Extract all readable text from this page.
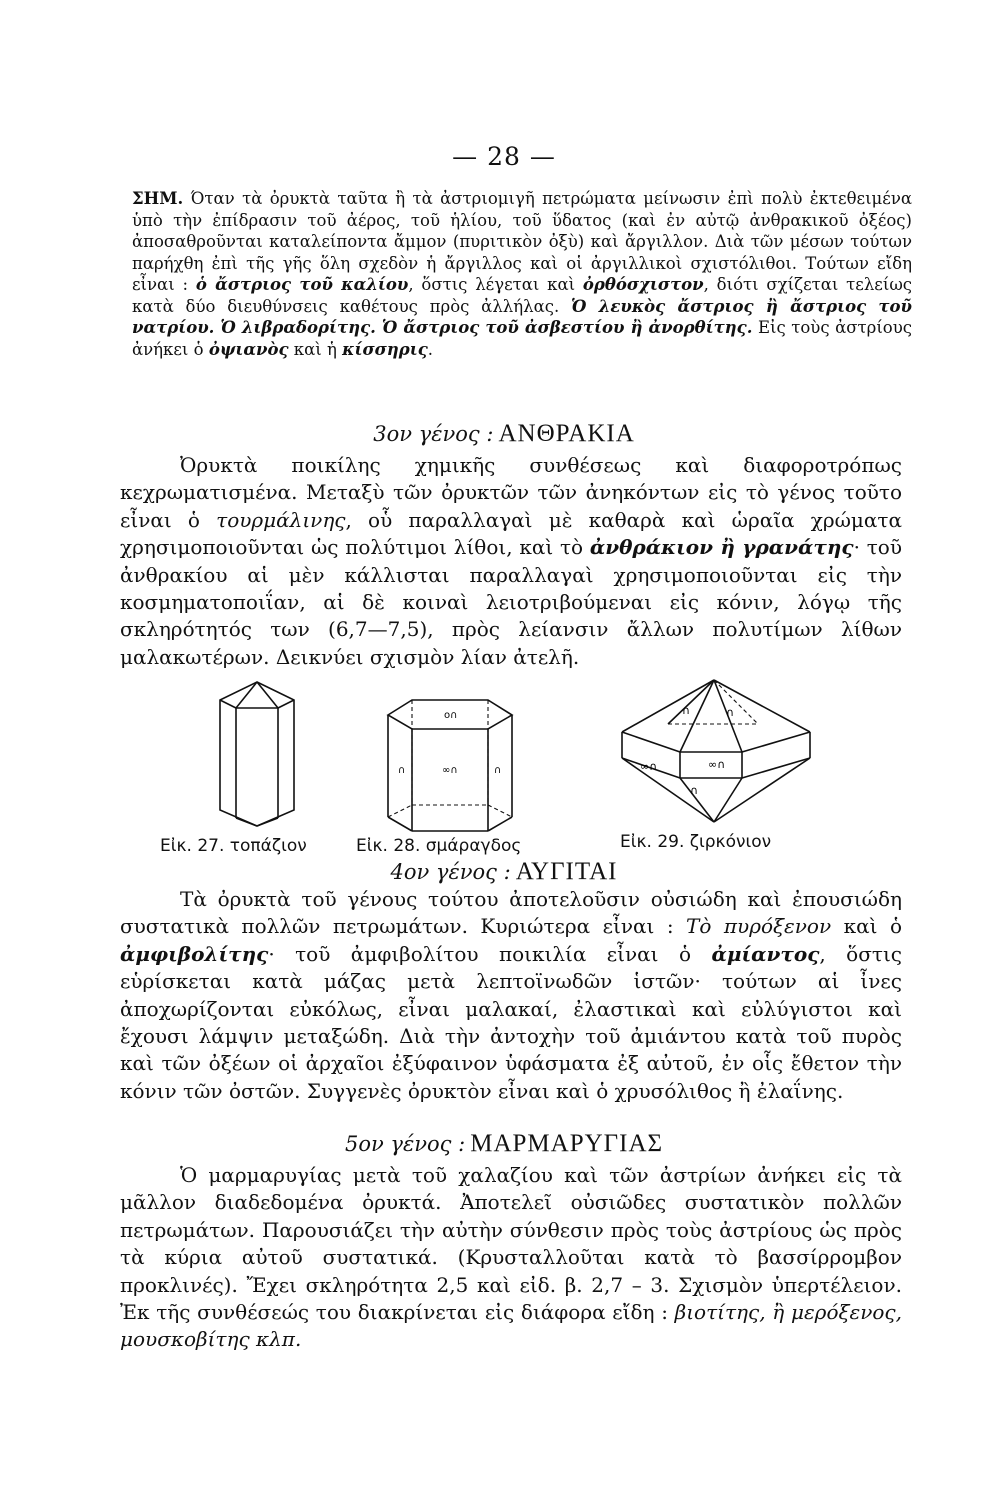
— 28 —
ΣΗΜ. Όταν τὰ ὀρυκτὰ ταῦτα ἢ τὰ ἀστριομιγῆ πετρώματα μείνωσιν ἐπὶ πολὺ ἐκτεθειμένα ὑπὸ τὴν ἐπίδρασιν τοῦ ἀέρος, τοῦ ἡλίου, τοῦ ὕδατος (καὶ ἐν αὐτῷ ἀνθρακικοῦ ὀξέος) ἀποσαθροῦνται καταλείποντα ἄμμον (πυριτικὸν ὀξὺ) καὶ ἄργιλλον. Διὰ τῶν μέσων τούτων παρήχθη ἐπὶ τῆς γῆς ὅλη σχεδὸν ἡ ἄργιλλος καὶ οἱ ἀργιλλικοὶ σχιστόλιθοι. Τούτων εἴδη εἶναι : ὁ ἄστριος τοῦ καλίου, ὅστις λέγεται καὶ ὀρθόσχιστον, διότι σχίζεται τελείως κατὰ δύο διευθύνσεις καθέτους πρὸς ἀλλήλας. Ὁ λευκὸς ἄστριος ἢ ἄστριος τοῦ νατρίου. Ὁ λιβραδορίτης. Ὁ ἄστριος τοῦ ἀσβεστίου ἢ ἀνορθίτης. Εἰς τοὺς ἀστρίους ἀνήκει ὁ ὀψιανὸς καὶ ἡ κίσσηρις.
3ον γένος : ΑΝΘΡΑΚΙΑ
Ὀρυκτὰ ποικίλης χημικῆς συνθέσεως καὶ διαφοροτρόπως κεχρωματισμένα. Μεταξὺ τῶν ὀρυκτῶν τῶν ἀνηκόντων εἰς τὸ γένος τοῦτο εἶναι ὁ τουρμάλινης, οὗ παραλλαγαὶ μὲ καθαρὰ καὶ ὡραῖα χρώματα χρησιμοποιοῦνται ὡς πολύτιμοι λίθοι, καὶ τὸ ἀνθράκιον ἢ γρανάτης· τοῦ ἀνθρακίου αἱ μὲν κάλλισται παραλλαγαὶ χρησιμοποιοῦνται εἰς τὴν κοσμηματοποιΐαν, αἱ δὲ κοιναὶ λειοτριβούμεναι εἰς κόνιν, λόγῳ τῆς σκληρότητός των (6,7—7,5), πρὸς λείανσιν ἄλλων πολυτίμων λίθων μαλακωτέρων. Δεικνύει σχισμὸν λίαν ἀτελῆ.
o∩
∩	∞∩	∩
∩	∩
∞∩	∞∩
∩
Εἰκ. 27. τοπάζιον	Εἰκ. 28. σμάραγδος	Εἰκ. 29. ζιρκόνιον
4ον γένος : ΑΥΓΙΤΑΙ
Τὰ ὀρυκτὰ τοῦ γένους τούτου ἀποτελοῦσιν οὐσιώδη καὶ ἐπουσιώδη συστατικὰ πολλῶν πετρωμάτων. Κυριώτερα εἶναι : Τὸ πυρόξενον καὶ ὁ ἀμφιβολίτης· τοῦ ἀμφιβολίτου ποικιλία εἶναι ὁ ἀμίαντος, ὅστις εὑρίσκεται κατὰ μάζας μετὰ λεπτοϊνωδῶν ἱστῶν· τούτων αἱ ἶνες ἀποχωρίζονται εὐκόλως, εἶναι μαλακαί, ἐλαστικαὶ καὶ εὐλύγιστοι καὶ ἔχουσι λάμψιν μεταξώδη. Διὰ τὴν ἀντοχὴν τοῦ ἀμιάντου κατὰ τοῦ πυρὸς καὶ τῶν ὀξέων οἱ ἀρχαῖοι ἐξύφαινον ὑφάσματα ἐξ αὐτοῦ, ἐν οἷς ἔθετον τὴν κόνιν τῶν ὀστῶν. Συγγενὲς ὀρυκτὸν εἶναι καὶ ὁ χρυσόλιθος ἢ ἐλαΐνης.
5ον γένος : ΜΑΡΜΑΡΥΓΙΑΣ
Ὁ μαρμαρυγίας μετὰ τοῦ χαλαζίου καὶ τῶν ἀστρίων ἀνήκει εἰς τὰ μᾶλλον διαδεδομένα ὀρυκτά. Ἀποτελεῖ οὐσιῶδες συστατικὸν πολλῶν πετρωμάτων. Παρουσιάζει τὴν αὐτὴν σύνθεσιν πρὸς τοὺς ἀστρίους ὡς πρὸς τὰ κύρια αὐτοῦ συστατικά. (Κρυσταλλοῦται κατὰ τὸ βασσίρρομβον προκλινές). Ἔχει σκληρότητα 2,5 καὶ εἰδ. β. 2,7 – 3. Σχισμὸν ὑπερτέλειον. Ἐκ τῆς συνθέσεώς του διακρίνεται εἰς διάφορα εἴδη : βιοτίτης, ἢ μερόξενος, μουσκοβίτης κλπ.
